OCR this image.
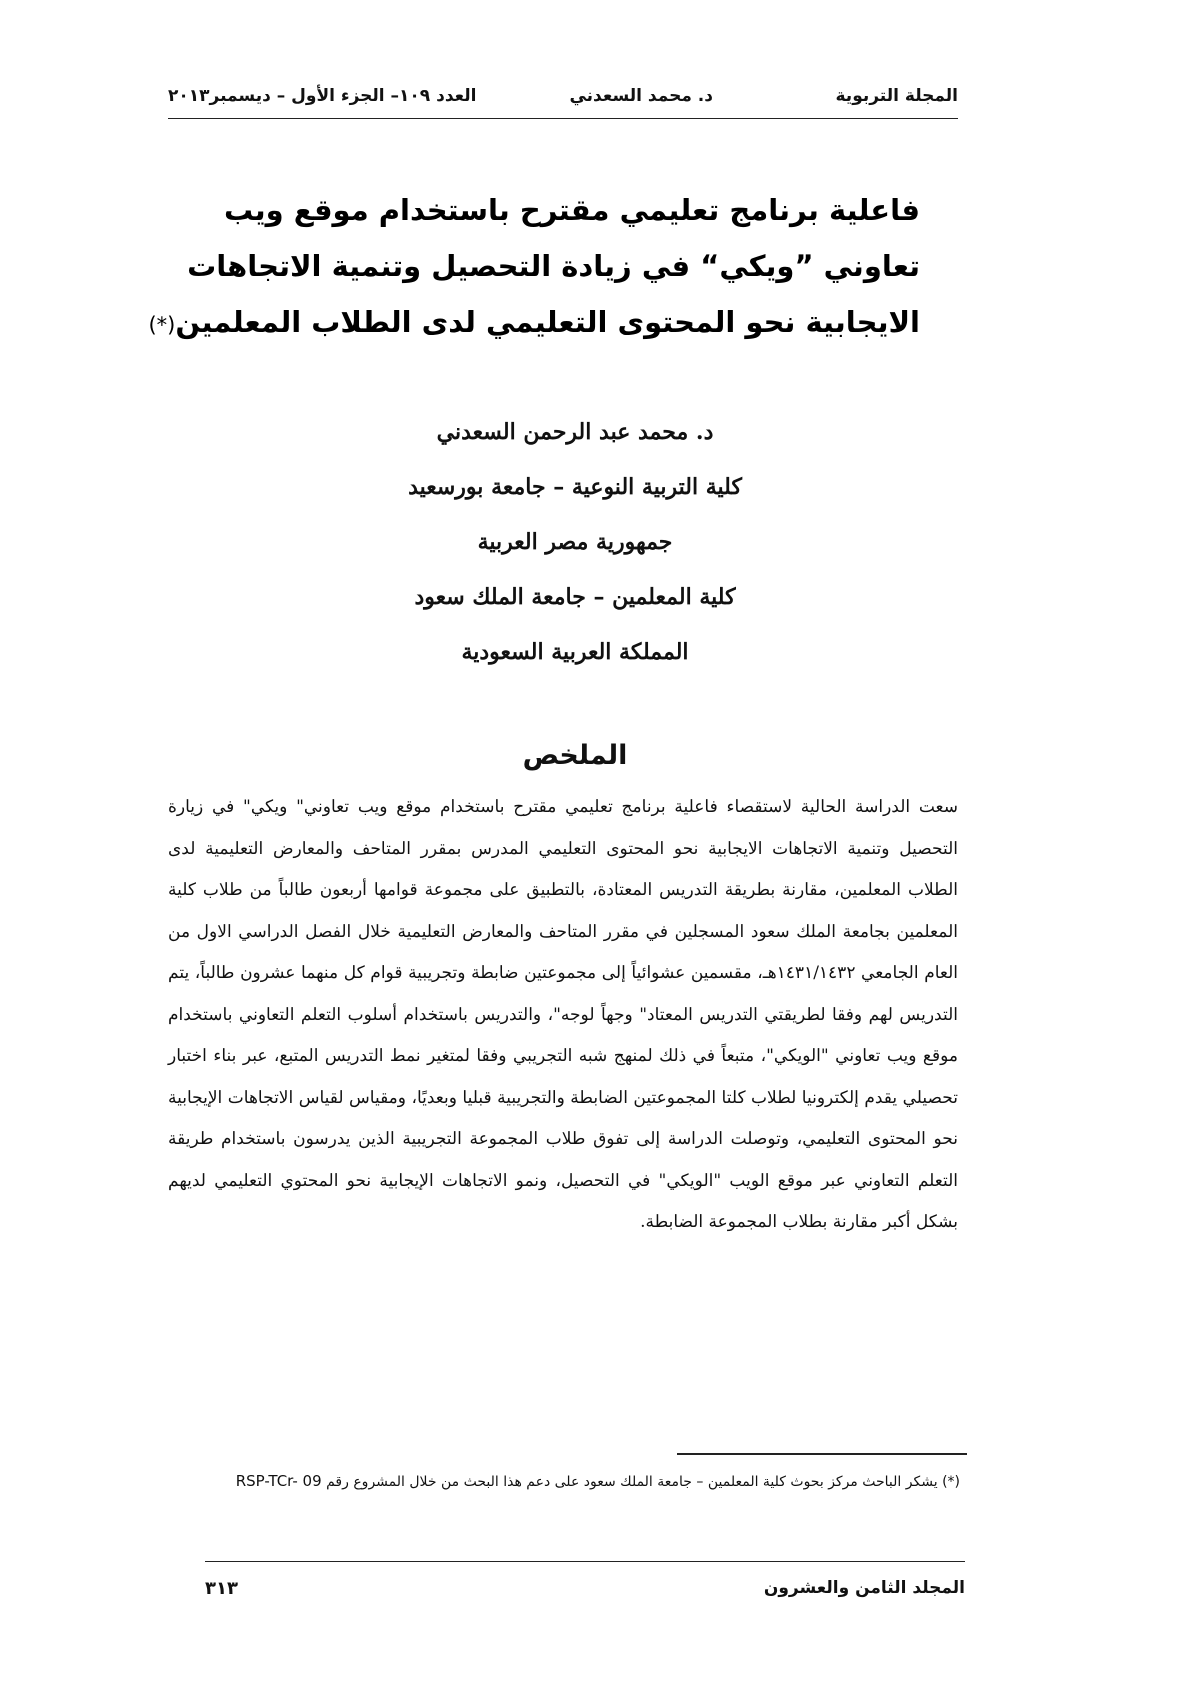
المجلة التربوية
د. محمد السعدني
العدد ١٠٩– الجزء الأول – ديسمبر٢٠١٣
فاعلية برنامج تعليمي مقترح باستخدام موقع ويب
تعاوني ”ويكي“ في زيادة التحصيل وتنمية الاتجاهات
الايجابية نحو المحتوى التعليمي لدى الطلاب المعلمين(*)
د. محمد عبد الرحمن السعدني
كلية التربية النوعية – جامعة بورسعيد
جمهورية مصر العربية
كلية المعلمين – جامعة الملك سعود
المملكة العربية السعودية
الملخص

سعت الدراسة الحالية لاستقصاء فاعلية برنامج تعليمي مقترح باستخدام موقع ويب تعاوني" ويكي" في زيارة التحصيل وتنمية الاتجاهات الايجابية نحو المحتوى التعليمي المدرس بمقرر المتاحف والمعارض التعليمية لدى الطلاب المعلمين، مقارنة بطريقة التدريس المعتادة، بالتطبيق على مجموعة قوامها أربعون طالباً من طلاب كلية المعلمين بجامعة الملك سعود المسجلين في مقرر المتاحف والمعارض التعليمية خلال الفصل الدراسي الاول من العام الجامعي ١٤٣١/١٤٣٢هـ، مقسمين عشوائياً إلى مجموعتين ضابطة وتجريبية قوام كل منهما عشرون طالباً، يتم التدريس لهم وفقا لطريقتي التدريس المعتاد" وجهاً لوجه"، والتدريس باستخدام أسلوب التعلم التعاوني باستخدام موقع ويب تعاوني "الويكي"، متبعاً في ذلك لمنهج شبه التجريبي وفقا لمتغير نمط التدريس المتبع، عبر بناء اختبار تحصيلي يقدم إلكترونيا لطلاب كلتا المجموعتين الضابطة والتجريبية قبليا وبعديًا، ومقياس لقياس الاتجاهات الإيجابية نحو المحتوى التعليمي، وتوصلت الدراسة إلى تفوق طلاب المجموعة التجريبية الذين يدرسون باستخدام طريقة التعلم التعاوني عبر موقع الويب "الويكي" في التحصيل، ونمو الاتجاهات الإيجابية نحو المحتوي التعليمي لديهم بشكل أكبر مقارنة بطلاب المجموعة الضابطة.

(*) يشكر الباحث مركز بحوث كلية المعلمين – جامعة الملك سعود على دعم هذا البحث من خلال المشروع رقم RSP-TCr- 09
المجلد الثامن والعشرون
٣١٣
